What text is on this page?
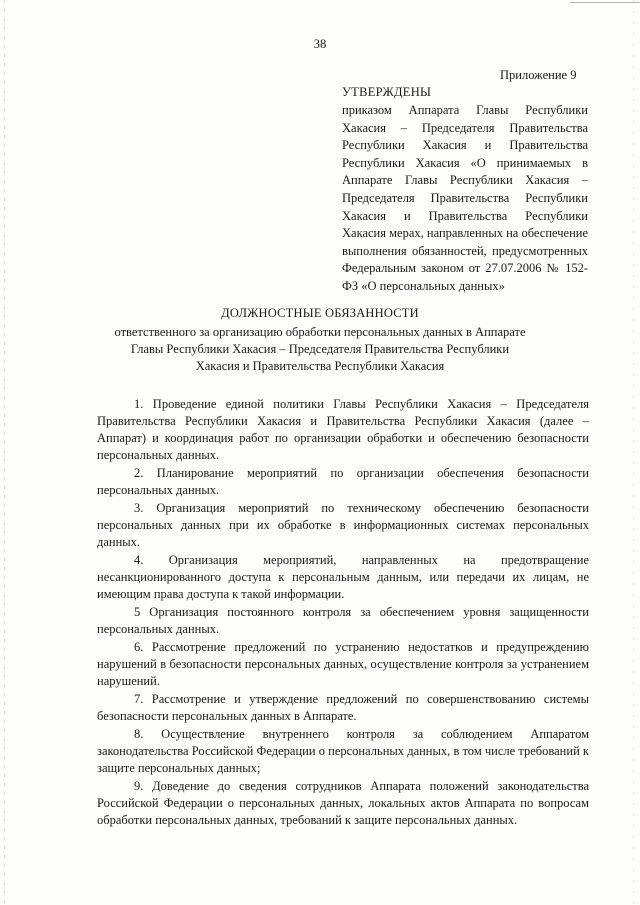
38
Приложение 9
УТВЕРЖДЕНЫ

приказом Аппарата Главы Республики Хакасия – Председателя Правительства Республики Хакасия и Правительства Республики Хакасия «О принимаемых в Аппарате Главы Республики Хакасия – Председателя Правительства Республики Хакасия и Правительства Республики Хакасия мерах, направленных на обеспечение выполнения обязанностей, предусмотренных Федеральным законом от 27.07.2006 № 152-ФЗ «О персональных данных»

ДОЛЖНОСТНЫЕ ОБЯЗАННОСТИ
ответственного за организацию обработки персональных данных в Аппарате Главы Республики Хакасия – Председателя Правительства Республики Хакасия и Правительства Республики Хакасия

1. Проведение единой политики Главы Республики Хакасия – Председателя Правительства Республики Хакасия и Правительства Республики Хакасия (далее – Аппарат) и координация работ по организации обработки и обеспечению безопасности персональных данных.

2. Планирование мероприятий по организации обеспечения безопасности персональных данных.

3. Организация мероприятий по техническому обеспечению безопасности персональных данных при их обработке в информационных системах персональных данных.

4. Организация мероприятий, направленных на предотвращение несанкционированного доступа к персональным данным, или передачи их лицам, не имеющим права доступа к такой информации.

5 Организация постоянного контроля за обеспечением уровня защищенности персональных данных.

6. Рассмотрение предложений по устранению недостатков и предупреждению нарушений в безопасности персональных данных, осуществление контроля за устранением нарушений.

7. Рассмотрение и утверждение предложений по совершенствованию системы безопасности персональных данных в Аппарате.

8. Осуществление внутреннего контроля за соблюдением Аппаратом законодательства Российской Федерации о персональных данных, в том числе требований к защите персональных данных;

9. Доведение до сведения сотрудников Аппарата положений законодательства Российской Федерации о персональных данных, локальных актов Аппарата по вопросам обработки персональных данных, требований к защите персональных данных.
